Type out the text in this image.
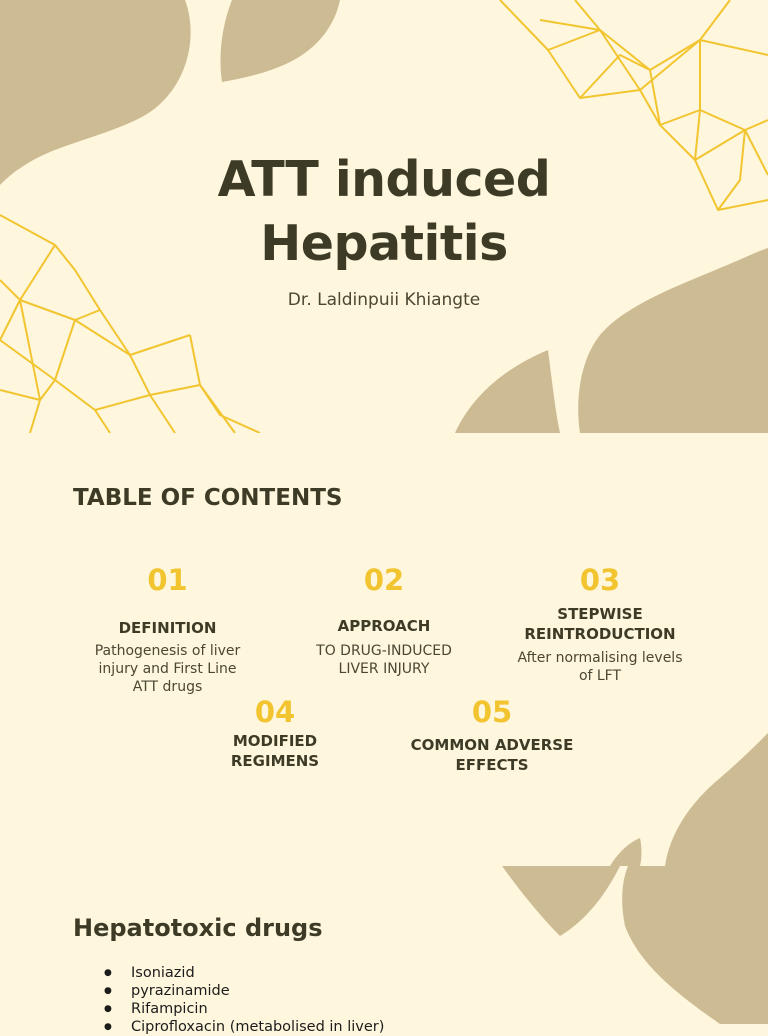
ATT induced
Hepatitis
Dr. Laldinpuii Khiangte
TABLE OF CONTENTS
01
DEFINITION
Pathogenesis of liver injury and First Line ATT drugs
02
APPROACH
TO DRUG-INDUCED LIVER INJURY
03
STEPWISE REINTRODUCTION
After normalising levels of LFT
04
MODIFIED REGIMENS
05
COMMON ADVERSE EFFECTS
Hepatotoxic drugs
● Isoniazid
● pyrazinamide
● Rifampicin
● Ciprofloxacin (metabolised in liver)
